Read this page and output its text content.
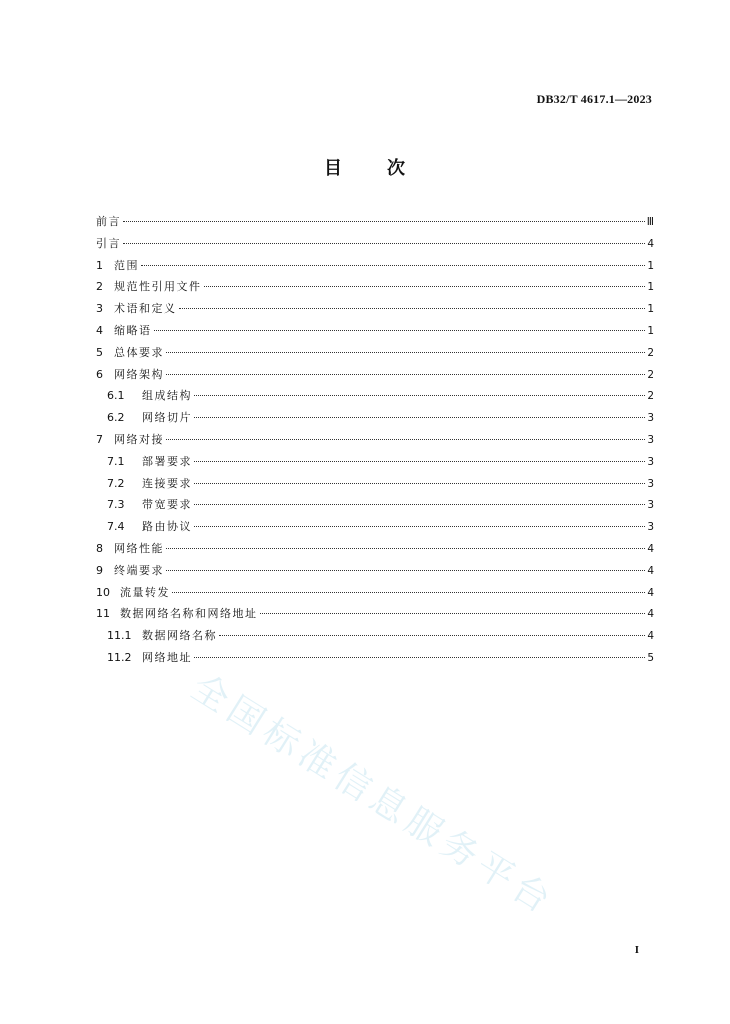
DB32/T 4617.1—2023
目 次
前言	Ⅲ
引言	4
1	范围	1
2	规范性引用文件	1
3	术语和定义	1
4	缩略语	1
5	总体要求	2
6	网络架构	2
6.1	组成结构	2
6.2	网络切片	3
7	网络对接	3
7.1	部署要求	3
7.2	连接要求	3
7.3	带宽要求	3
7.4	路由协议	3
8	网络性能	4
9	终端要求	4
10 流量转发	4
11 数据网络名称和网络地址	4
11.1 数据网络名称	4
11.2 网络地址	5
全国标准信息服务平台
I
